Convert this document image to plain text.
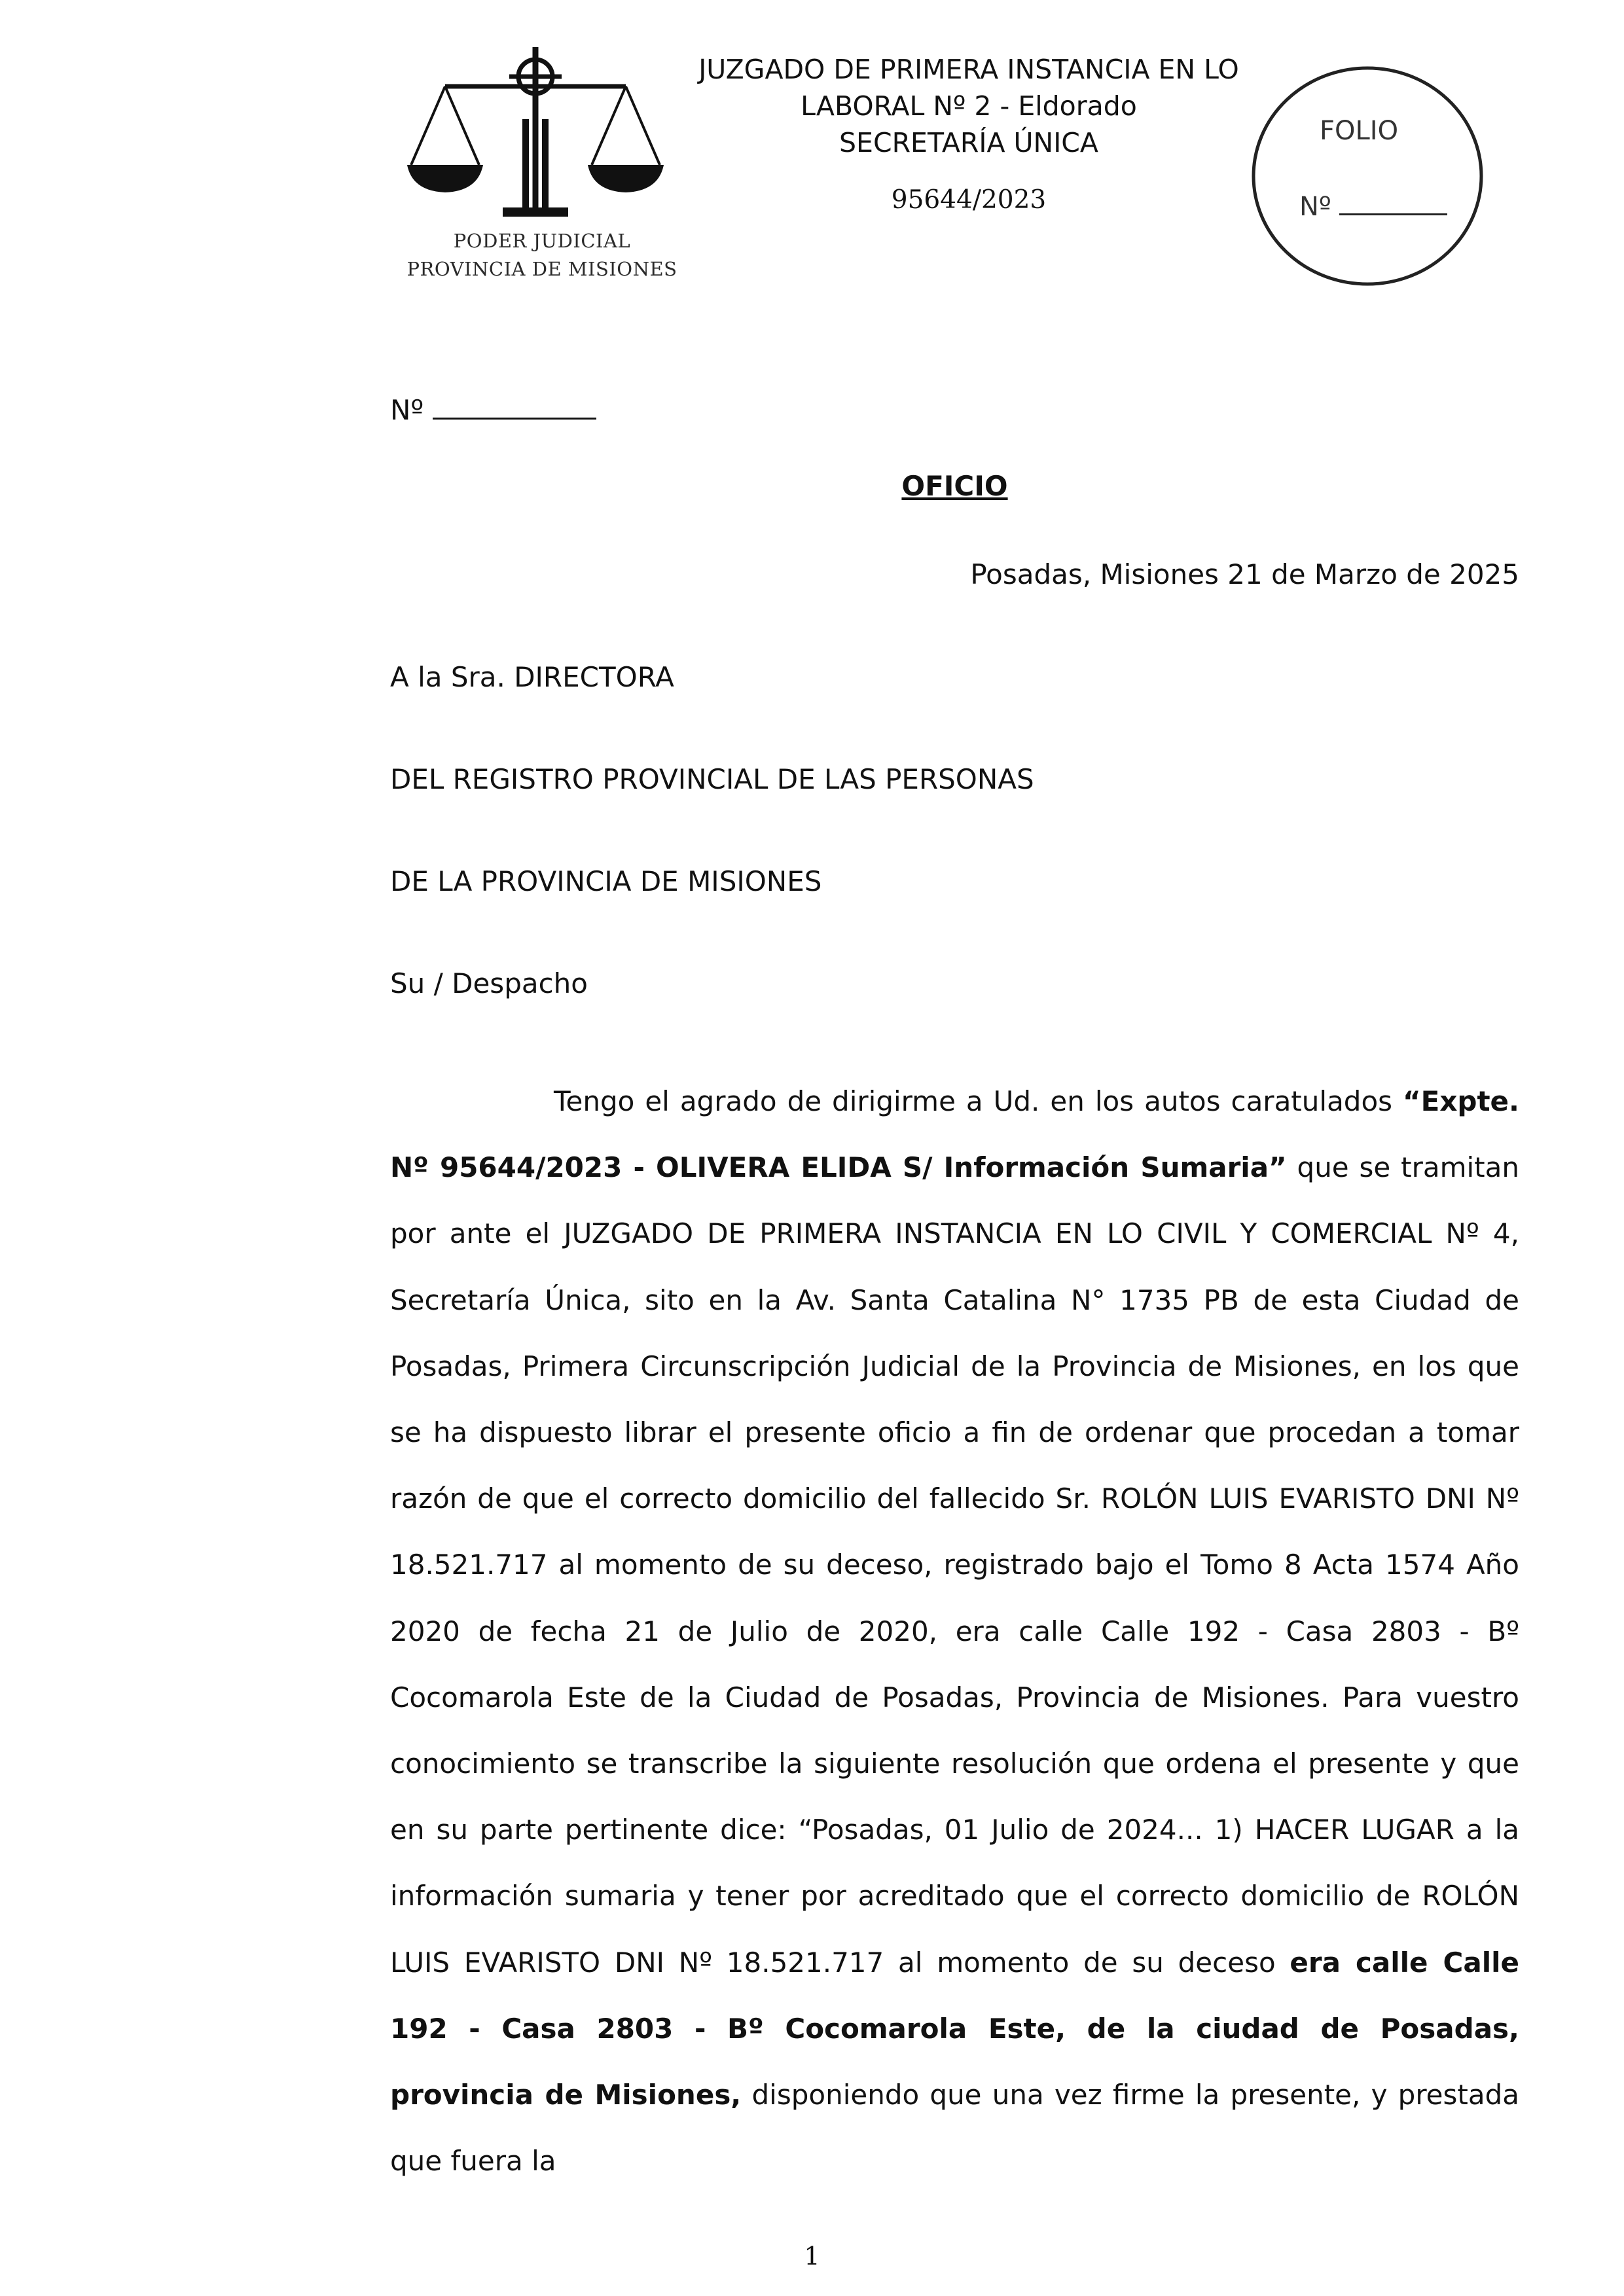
PODER JUDICIAL
PROVINCIA DE MISIONES
JUZGADO DE PRIMERA INSTANCIA EN LO
LABORAL Nº 2 - Eldorado
SECRETARÍA ÚNICA
95644/2023
FOLIO
Nº
Nº
OFICIO
Posadas, Misiones 21 de Marzo de 2025
A la Sra. DIRECTORA
DEL REGISTRO PROVINCIAL DE LAS PERSONAS
DE LA PROVINCIA DE MISIONES
Su / Despacho
Tengo el agrado de dirigirme a Ud. en los autos caratulados “Expte. Nº 95644/2023 - OLIVERA ELIDA S/ Información Sumaria” que se tramitan por ante el JUZGADO DE PRIMERA INSTANCIA EN LO CIVIL Y COMERCIAL Nº 4, Secretaría Única, sito en la Av. Santa Catalina N° 1735 PB de esta Ciudad de Posadas, Primera Circunscripción Judicial de la Provincia de Misiones, en los que se ha dispuesto librar el presente oficio a fin de ordenar que procedan a tomar razón de que el correcto domicilio del fallecido Sr. ROLÓN LUIS EVARISTO DNI Nº 18.521.717 al momento de su deceso, registrado bajo el Tomo 8 Acta 1574 Año 2020 de fecha 21 de Julio de 2020, era calle Calle 192 - Casa 2803 - Bº Cocomarola Este de la Ciudad de Posadas, Provincia de Misiones. Para vuestro conocimiento se transcribe la siguiente resolución que ordena el presente y que en su parte pertinente dice: “Posadas, 01 Julio de 2024... 1) HACER LUGAR a la información sumaria y tener por acreditado que el correcto domicilio de ROLÓN LUIS EVARISTO DNI Nº 18.521.717 al momento de su deceso era calle Calle 192 - Casa 2803 - Bº Cocomarola Este, de la ciudad de Posadas, provincia de Misiones, disponiendo que una vez firme la presente, y prestada que fuera la
1
